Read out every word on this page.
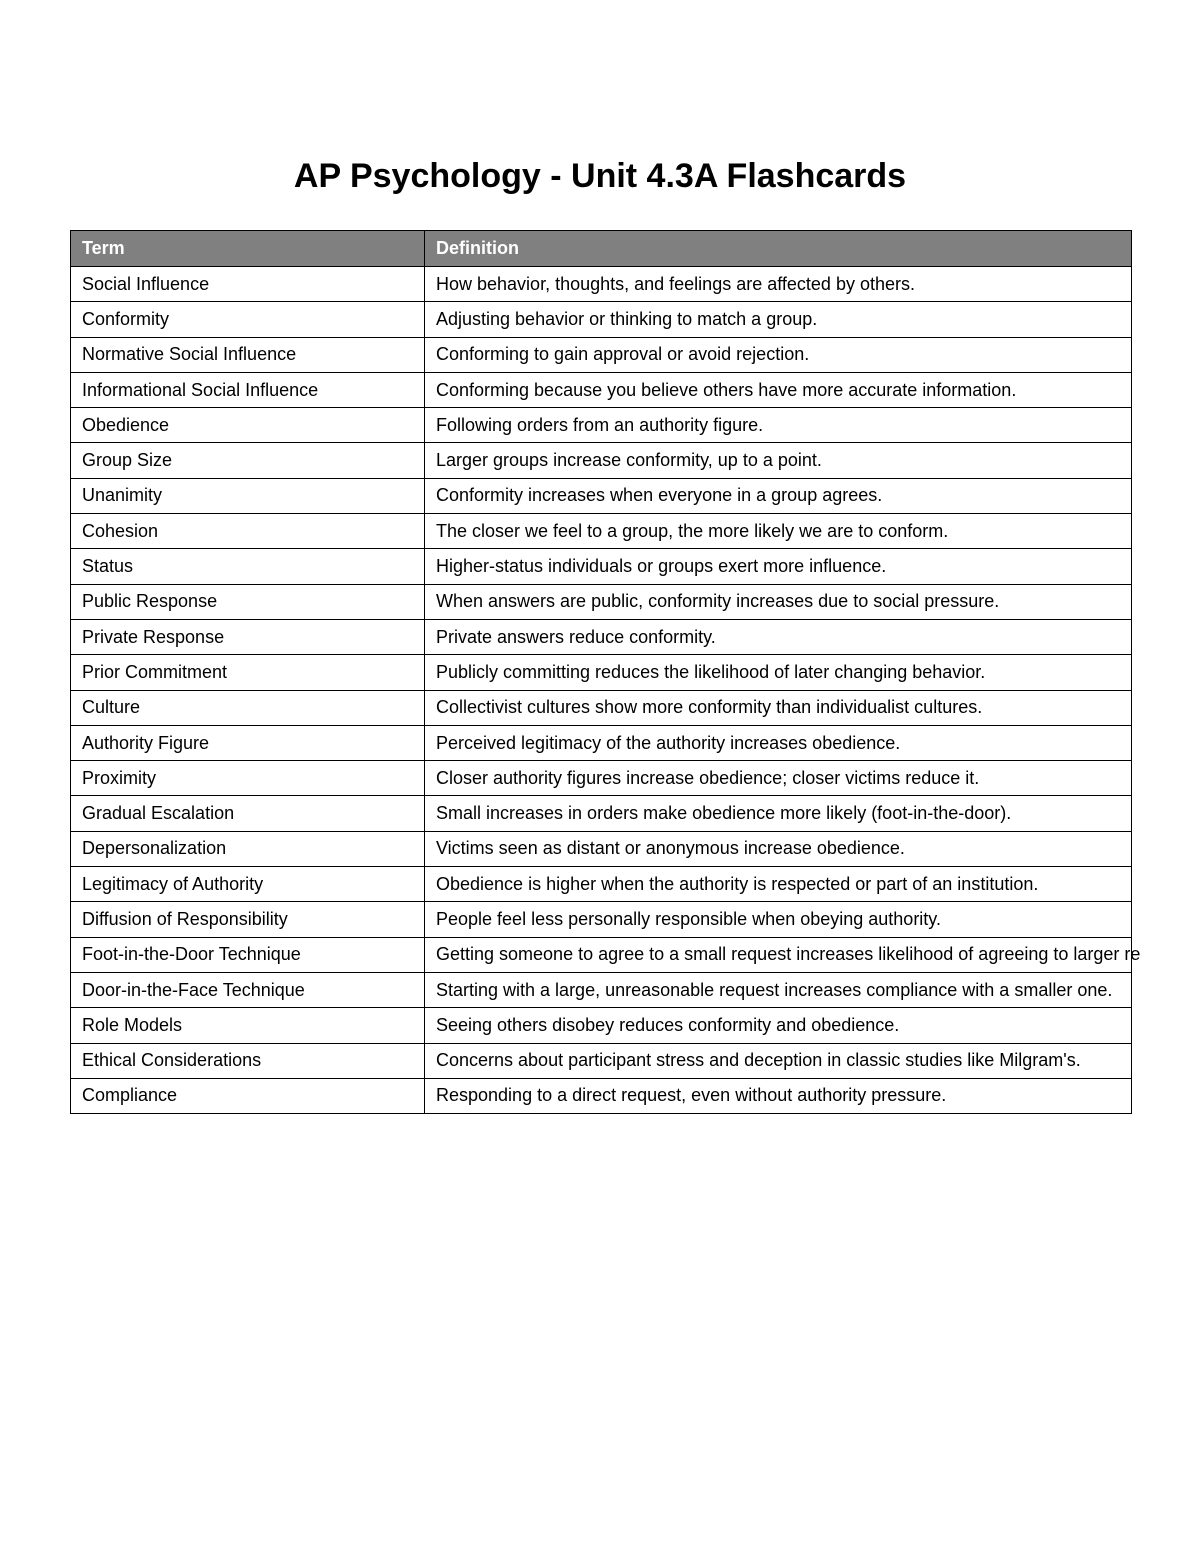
AP Psychology - Unit 4.3A Flashcards
Term	Definition
Social Influence	How behavior, thoughts, and feelings are affected by others.
Conformity	Adjusting behavior or thinking to match a group.
Normative Social Influence	Conforming to gain approval or avoid rejection.
Informational Social Influence	Conforming because you believe others have more accurate information.
Obedience	Following orders from an authority figure.
Group Size	Larger groups increase conformity, up to a point.
Unanimity	Conformity increases when everyone in a group agrees.
Cohesion	The closer we feel to a group, the more likely we are to conform.
Status	Higher-status individuals or groups exert more influence.
Public Response	When answers are public, conformity increases due to social pressure.
Private Response	Private answers reduce conformity.
Prior Commitment	Publicly committing reduces the likelihood of later changing behavior.
Culture	Collectivist cultures show more conformity than individualist cultures.
Authority Figure	Perceived legitimacy of the authority increases obedience.
Proximity	Closer authority figures increase obedience; closer victims reduce it.
Gradual Escalation	Small increases in orders make obedience more likely (foot-in-the-door).
Depersonalization	Victims seen as distant or anonymous increase obedience.
Legitimacy of Authority	Obedience is higher when the authority is respected or part of an institution.
Diffusion of Responsibility	People feel less personally responsible when obeying authority.
Foot-in-the-Door Technique	Getting someone to agree to a small request increases likelihood of agreeing to larger re
Door-in-the-Face Technique	Starting with a large, unreasonable request increases compliance with a smaller one.
Role Models	Seeing others disobey reduces conformity and obedience.
Ethical Considerations	Concerns about participant stress and deception in classic studies like Milgram's.
Compliance	Responding to a direct request, even without authority pressure.
